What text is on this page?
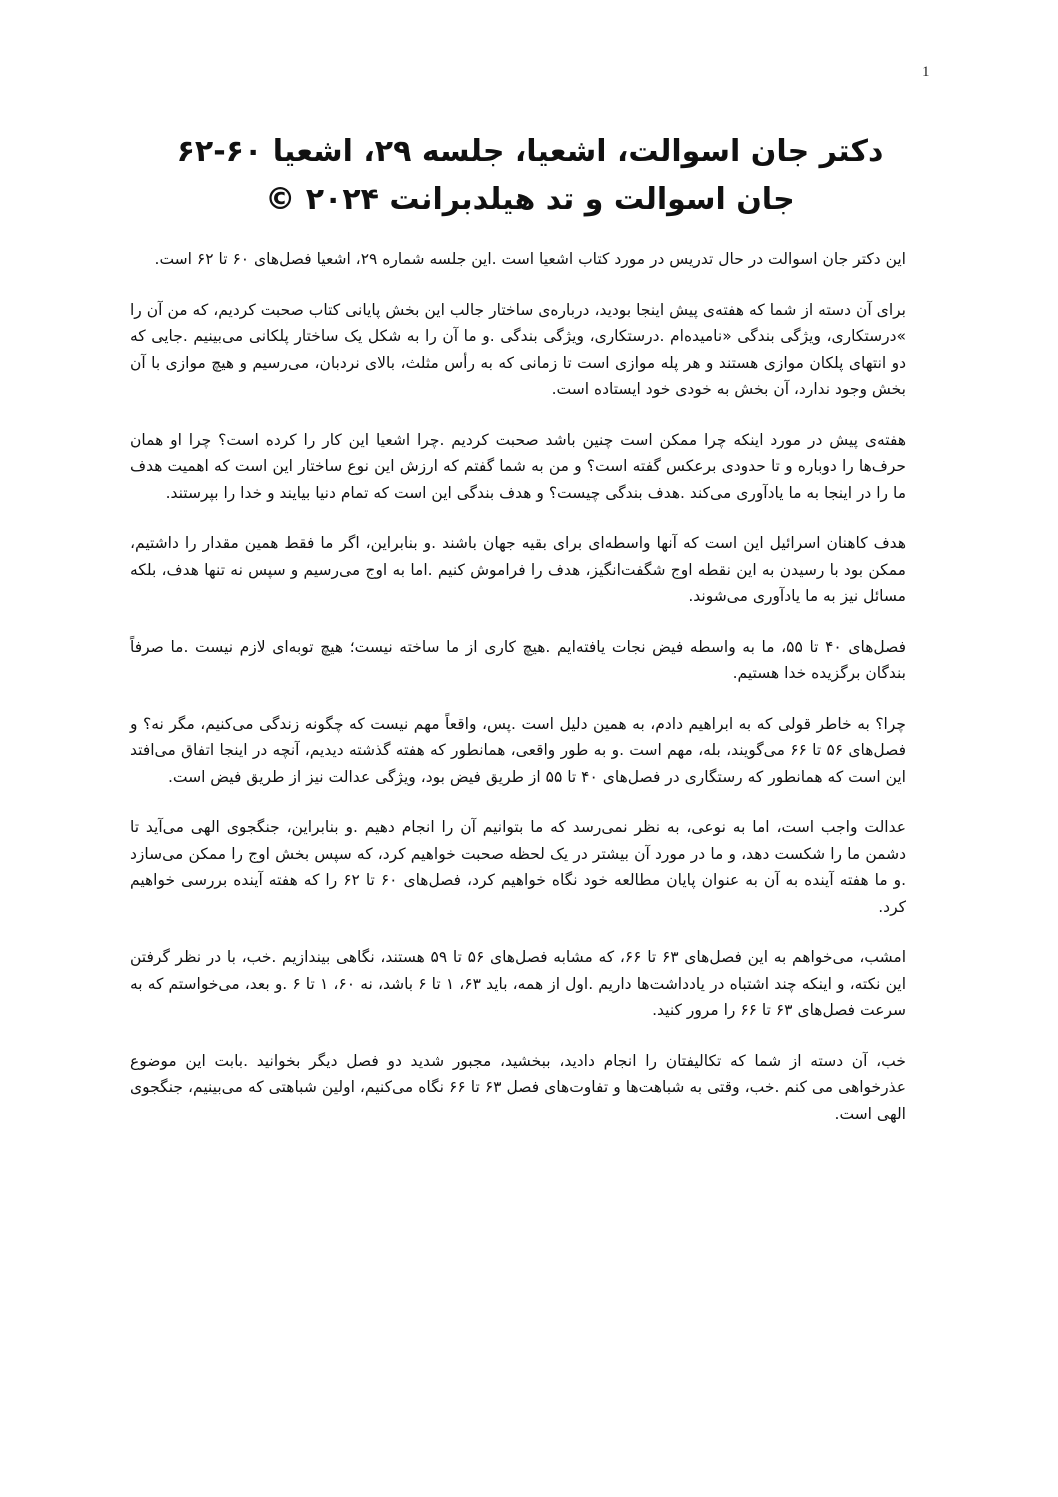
1

دکتر جان اسوالت، اشعیا، جلسه ۲۹، اشعیا ۶۰-۶۲

جان اسوالت و تد هیلدبرانت ۲۰۲۴ ©

این دکتر جان اسوالت در حال تدریس در مورد کتاب اشعیا است .این جلسه شماره ۲۹، اشعیا فصل‌های ۶۰ تا ۶۲ است.

برای آن دسته از شما که هفته‌ی پیش اینجا بودید، درباره‌ی ساختار جالب این بخش پایانی کتاب صحبت کردیم، که من آن را »درستکاری، ویژگی بندگی «نامیده‌ام .درستکاری، ویژگی بندگی .و ما آن را به شکل یک ساختار پلکانی می‌بینیم .جایی که دو انتهای پلکان موازی هستند و هر پله موازی است تا زمانی که به رأس مثلث، بالای نردبان، می‌رسیم و هیچ موازی با آن بخش وجود ندارد، آن بخش به خودی خود ایستاده است.

هفته‌ی پیش در مورد اینکه چرا ممکن است چنین باشد صحبت کردیم .چرا اشعیا این کار را کرده است؟ چرا او همان حرف‌ها را دوباره و تا حدودی برعکس گفته است؟ و من به شما گفتم که ارزش این نوع ساختار این است که اهمیت هدف ما را در اینجا به ما یادآوری می‌کند .هدف بندگی چیست؟ و هدف بندگی این است که تمام دنیا بیایند و خدا را بپرستند.

هدف کاهنان اسرائیل این است که آنها واسطه‌ای برای بقیه جهان باشند .و بنابراین، اگر ما فقط همین مقدار را داشتیم، ممکن بود با رسیدن به این نقطه اوج شگفت‌انگیز، هدف را فراموش کنیم .اما به اوج می‌رسیم و سپس نه تنها هدف، بلکه مسائل نیز به ما یادآوری می‌شوند.

فصل‌های ۴۰ تا ۵۵، ما به واسطه فیض نجات یافته‌ایم .هیچ کاری از ما ساخته نیست؛ هیچ توبه‌ای لازم نیست .ما صرفاً بندگان برگزیده خدا هستیم.

چرا؟ به خاطر قولی که به ابراهیم دادم، به همین دلیل است .پس، واقعاً مهم نیست که چگونه زندگی می‌کنیم، مگر نه؟ و فصل‌های ۵۶ تا ۶۶ می‌گویند، بله، مهم است .و به طور واقعی، همانطور که هفته گذشته دیدیم، آنچه در اینجا اتفاق می‌افتد این است که همانطور که رستگاری در فصل‌های ۴۰ تا ۵۵ از طریق فیض بود، ویژگی عدالت نیز از طریق فیض است.

عدالت واجب است، اما به نوعی، به نظر نمی‌رسد که ما بتوانیم آن را انجام دهیم .و بنابراین، جنگجوی الهی می‌آید تا دشمن ما را شکست دهد، و ما در مورد آن بیشتر در یک لحظه صحبت خواهیم کرد، که سپس بخش اوج را ممکن می‌سازد .و ما هفته آینده به آن به عنوان پایان مطالعه خود نگاه خواهیم کرد، فصل‌های ۶۰ تا ۶۲ را که هفته آینده بررسی خواهیم کرد.

امشب، می‌خواهم به این فصل‌های ۶۳ تا ۶۶، که مشابه فصل‌های ۵۶ تا ۵۹ هستند، نگاهی بیندازیم .خب، با در نظر گرفتن این نکته، و اینکه چند اشتباه در یادداشت‌ها داریم .اول از همه، باید ۶۳، ۱ تا ۶ باشد، نه ۶۰، ۱ تا ۶ .و بعد، می‌خواستم که به سرعت فصل‌های ۶۳ تا ۶۶ را مرور کنید.

خب، آن دسته از شما که تکالیفتان را انجام دادید، ببخشید، مجبور شدید دو فصل دیگر بخوانید .بابت این موضوع عذرخواهی می کنم .خب، وقتی به شباهت‌ها و تفاوت‌های فصل ۶۳ تا ۶۶ نگاه می‌کنیم، اولین شباهتی که می‌بینیم، جنگجوی الهی است.
